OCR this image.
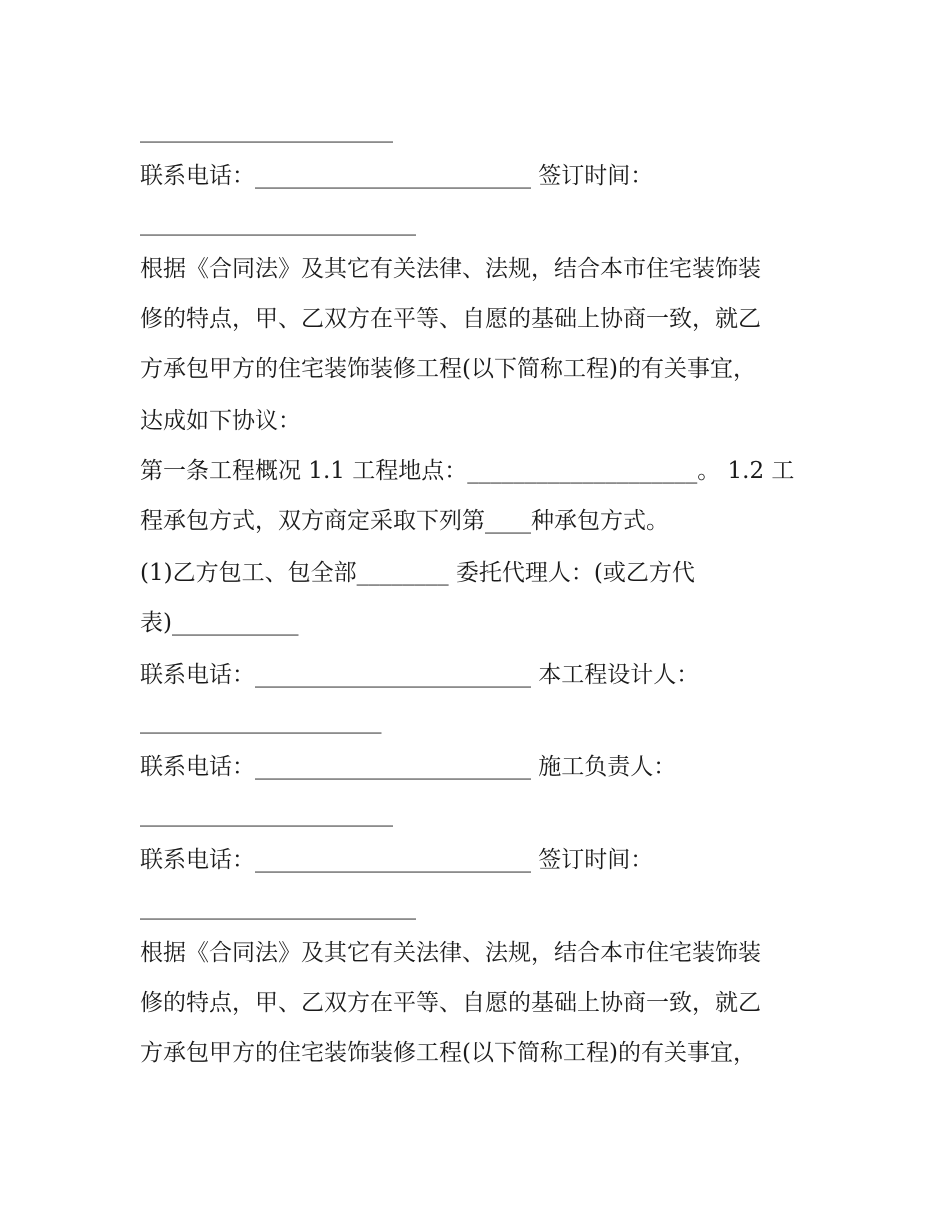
______________________
联系电话：________________________ 签订时间：
________________________
根据《合同法》及其它有关法律、法规，结合本市住宅装饰装
修的特点，甲、乙双方在平等、自愿的基础上协商一致，就乙
方承包甲方的住宅装饰装修工程(以下简称工程)的有关事宜，
达成如下协议：
第一条工程概况 1.1 工程地点：____________________。 1.2 工
程承包方式，双方商定采取下列第____种承包方式。
(1)乙方包工、包全部________ 委托代理人：(或乙方代
表)___________
联系电话：________________________ 本工程设计人：
_____________________
联系电话：________________________ 施工负责人：
______________________
联系电话：________________________ 签订时间：
________________________
根据《合同法》及其它有关法律、法规，结合本市住宅装饰装
修的特点，甲、乙双方在平等、自愿的基础上协商一致，就乙
方承包甲方的住宅装饰装修工程(以下简称工程)的有关事宜，
